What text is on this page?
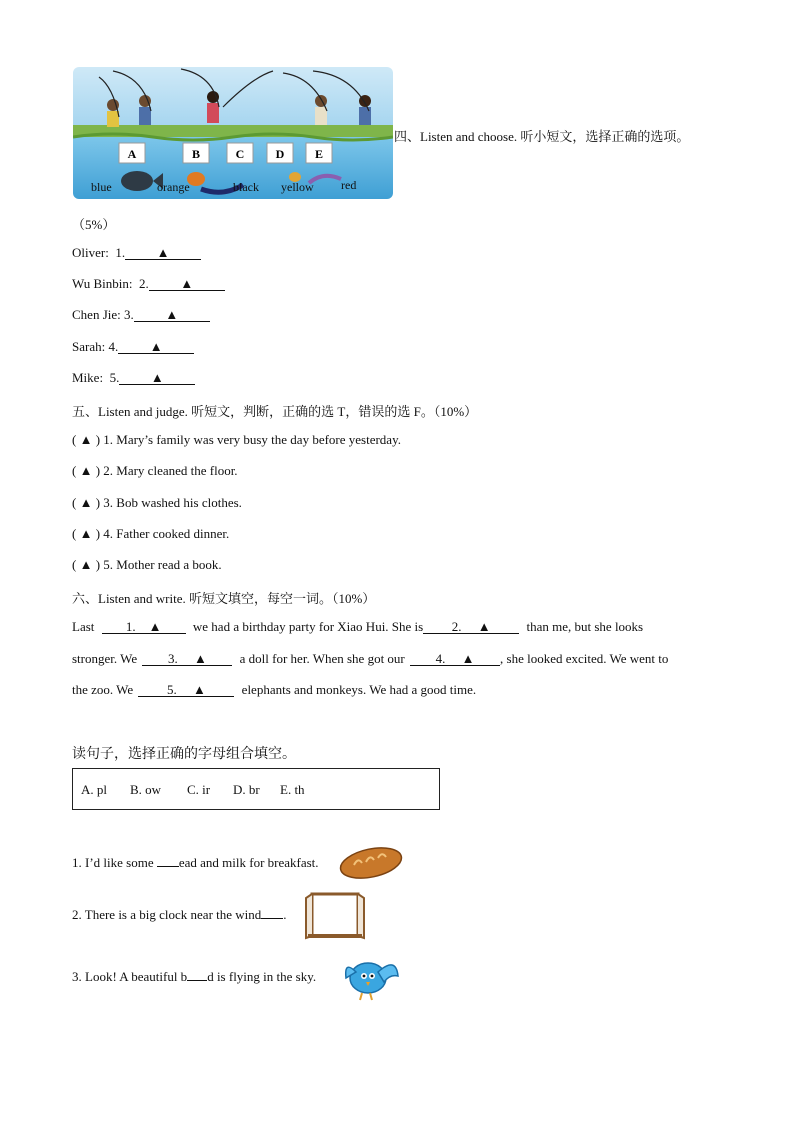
A	B	C	D	E
blue	orange	black yellow red
四、Listen and choose. 听小短文，选择正确的选项。
（5%）
Oliver: 1. ▲
Wu Binbin: 2. ▲
Chen Jie: 3. ▲
Sarah: 4. ▲
Mike: 5. ▲
五、Listen and judge. 听短文，判断，正确的选 T，错误的选 F。（10%）
( ▲ ) 1. Mary’s family was very busy the day before yesterday.
( ▲ ) 2. Mary cleaned the floor.
( ▲ ) 3. Bob washed his clothes.
( ▲ ) 4. Father cooked dinner.
( ▲ ) 5. Mother read a book.
六、Listen and write. 听短文填空，每空一词。（10%）
Last 1. ▲ we had a birthday party for Xiao Hui. She is 2. ▲	than me, but she looks
stronger. We 3. ▲	a doll for her. When she got our 4. ▲ , she looked excited. We went to
the zoo. We	5. ▲	elephants and monkeys. We had a good time.
读句子，选择正确的字母组合填空。
A. pl B. ow C. ir D. br E. th
1. I’d like some ead and milk for breakfast.
2. There is a big clock near the wind .
3. Look! A beautiful b d is flying in the sky.
